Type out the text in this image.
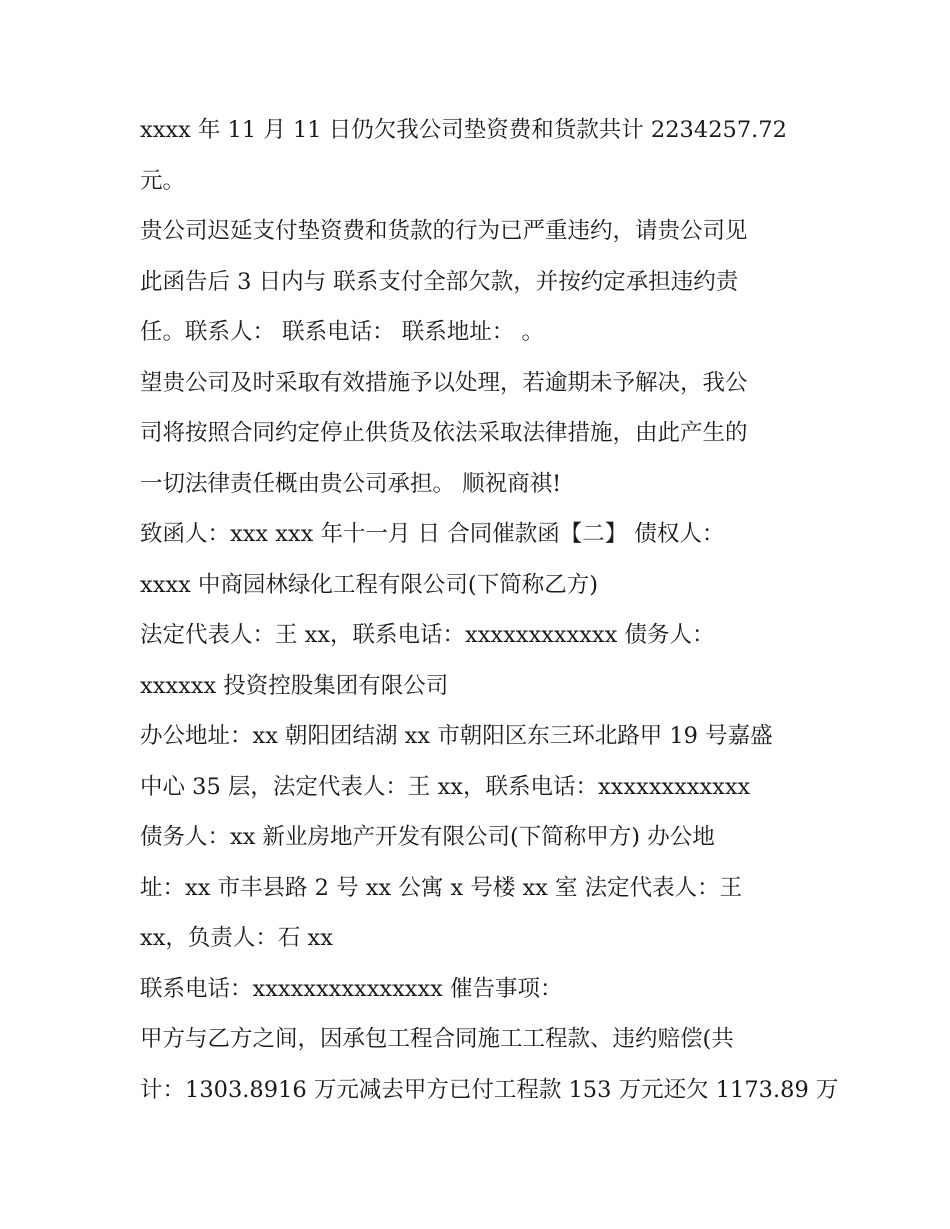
xxxx 年 11 月 11 日仍欠我公司垫资费和货款共计 2234257.72
元。
贵公司迟延支付垫资费和货款的行为已严重违约，请贵公司见
此函告后 3 日内与 联系支付全部欠款，并按约定承担违约责
任。联系人： 联系电话： 联系地址： 。
望贵公司及时采取有效措施予以处理，若逾期未予解决，我公
司将按照合同约定停止供货及依法采取法律措施，由此产生的
一切法律责任概由贵公司承担。 顺祝商祺!
致函人：xxx xxx 年十一月 日 合同催款函【二】 债权人：
xxxx 中商园林绿化工程有限公司(下简称乙方)
法定代表人：王 xx，联系电话：xxxxxxxxxxxx 债务人：
xxxxxx 投资控股集团有限公司
办公地址：xx 朝阳团结湖 xx 市朝阳区东三环北路甲 19 号嘉盛
中心 35 层，法定代表人：王 xx，联系电话：xxxxxxxxxxxx
债务人：xx 新业房地产开发有限公司(下简称甲方) 办公地
址：xx 市丰县路 2 号 xx 公寓 x 号楼 xx 室 法定代表人：王
xx，负责人：石 xx
联系电话：xxxxxxxxxxxxxxx 催告事项：
甲方与乙方之间，因承包工程合同施工工程款、违约赔偿(共
计：1303.8916 万元减去甲方已付工程款 153 万元还欠 1173.89 万
